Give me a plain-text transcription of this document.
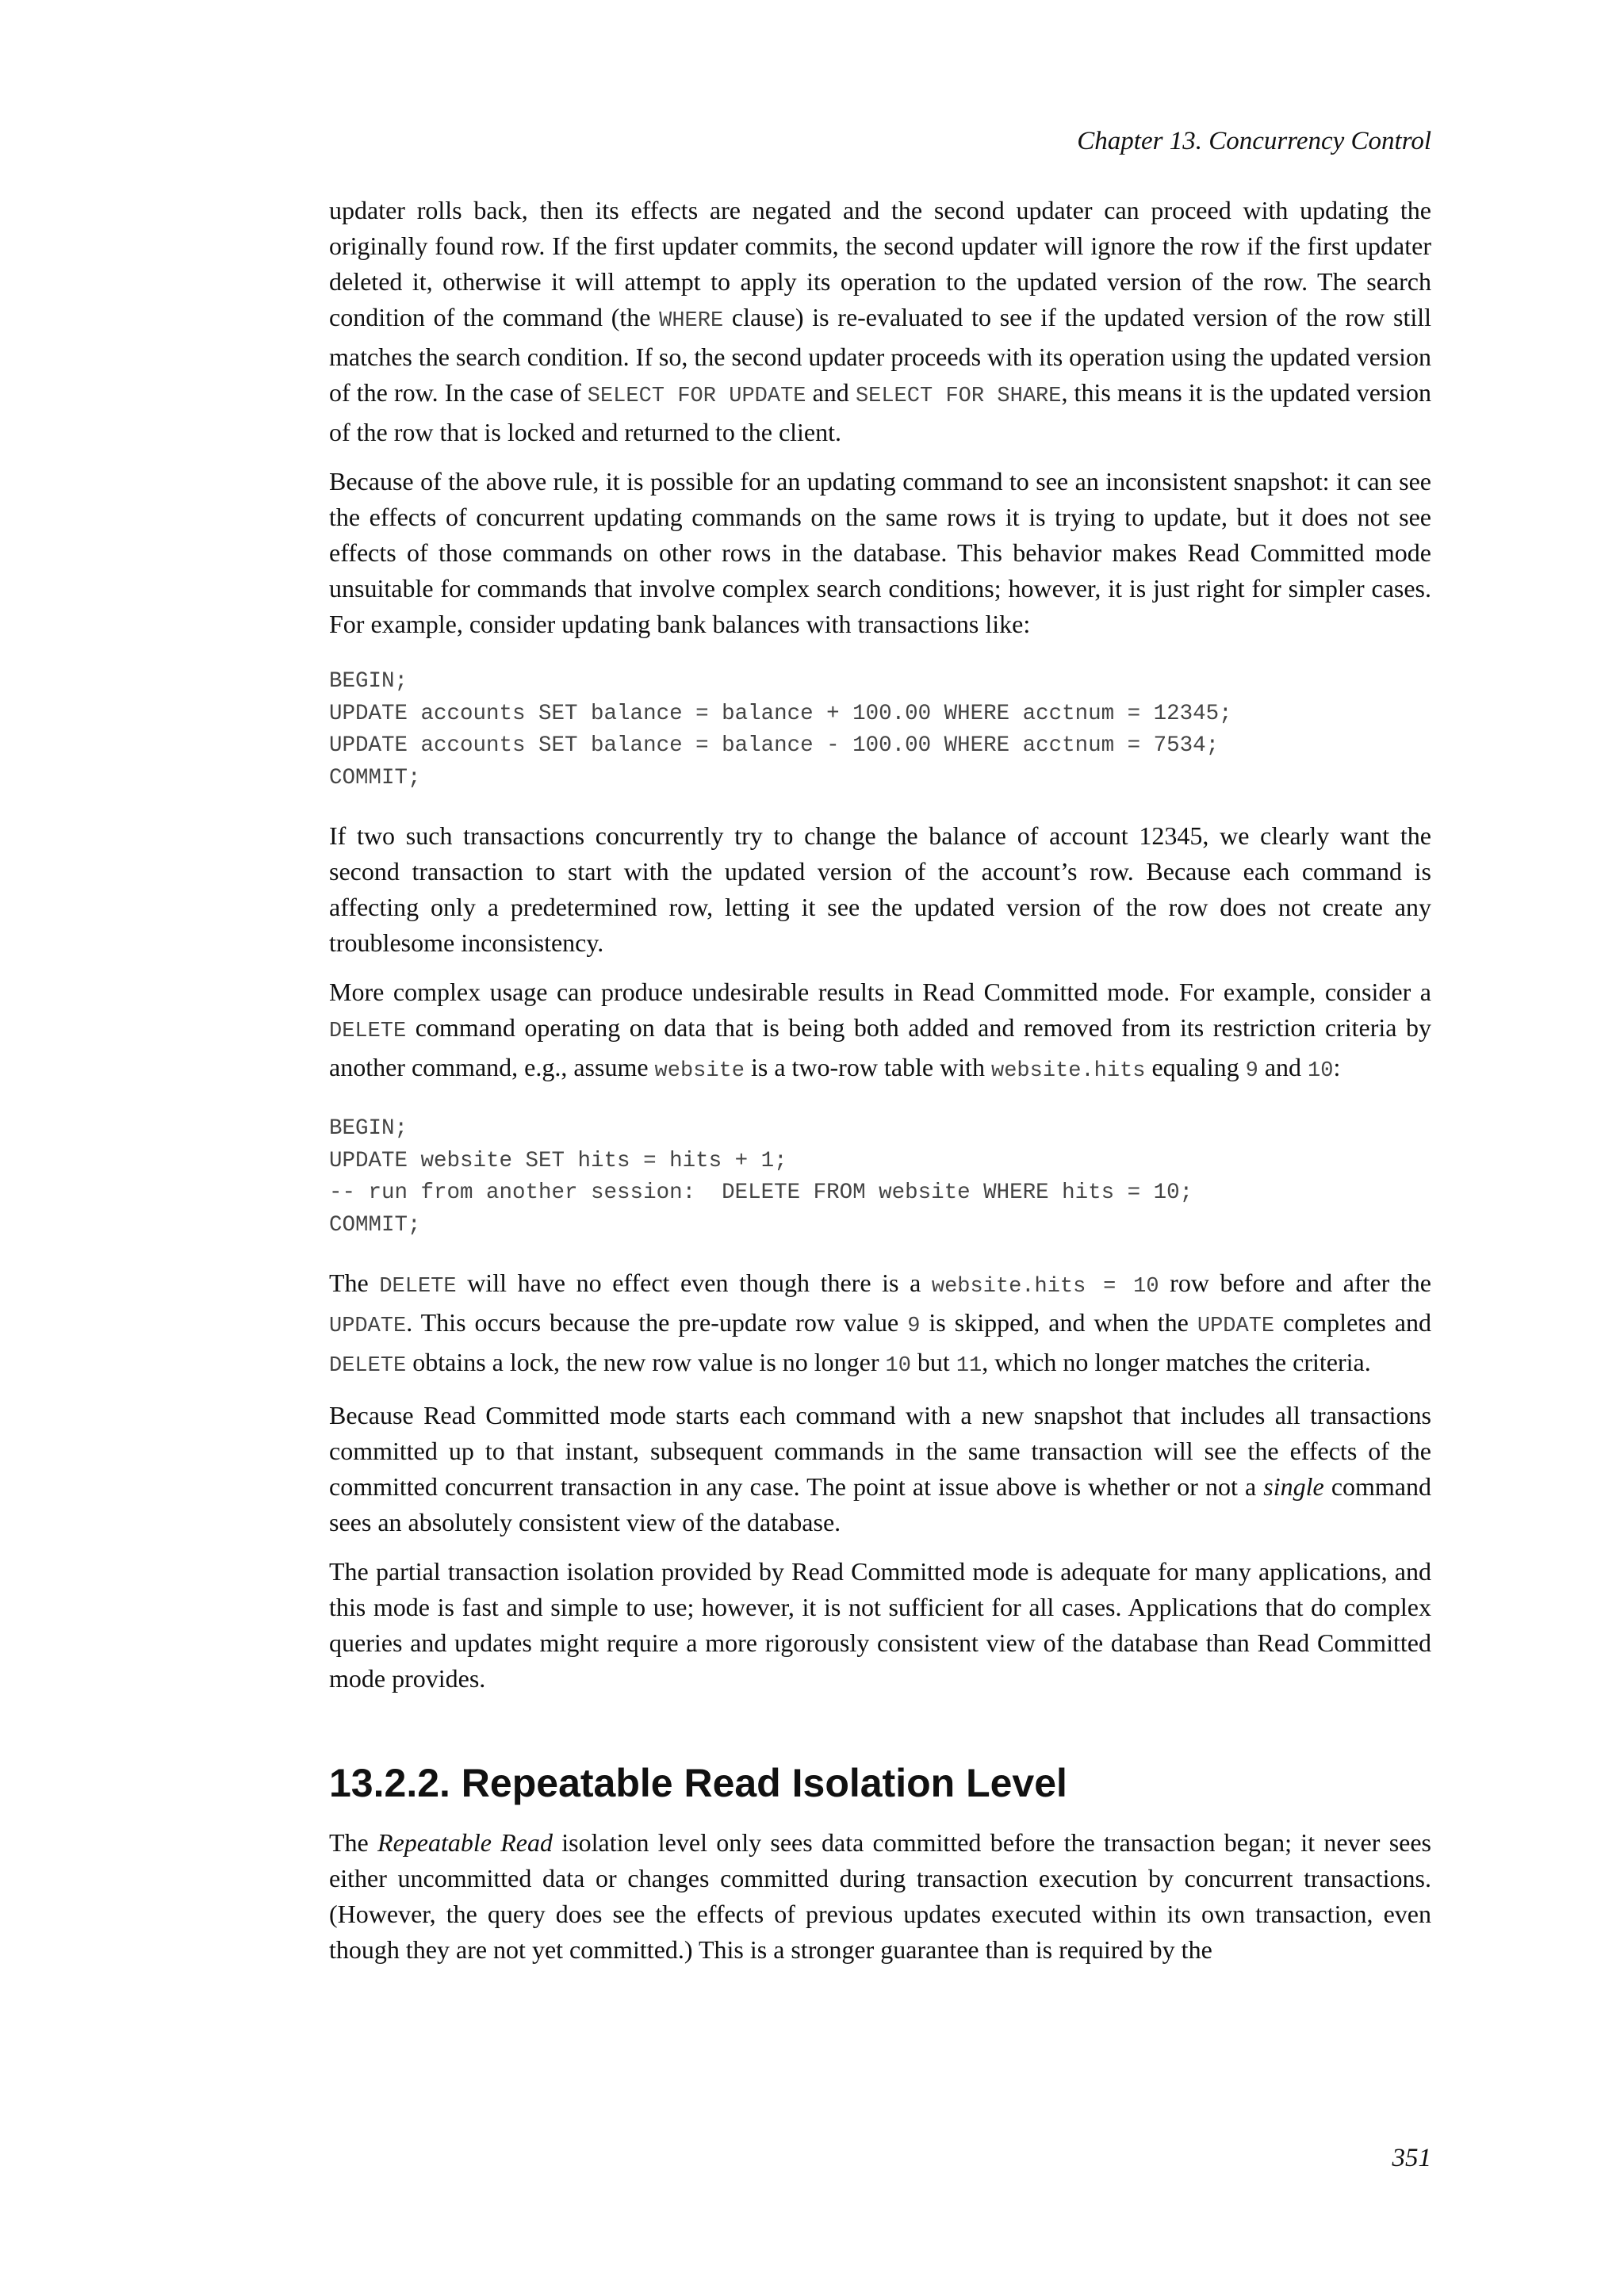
Chapter 13. Concurrency Control

updater rolls back, then its effects are negated and the second updater can proceed with updating the originally found row. If the first updater commits, the second updater will ignore the row if the first updater deleted it, otherwise it will attempt to apply its operation to the updated version of the row. The search condition of the command (the WHERE clause) is re-evaluated to see if the updated version of the row still matches the search condition. If so, the second updater proceeds with its operation using the updated version of the row. In the case of SELECT FOR UPDATE and SELECT FOR SHARE, this means it is the updated version of the row that is locked and returned to the client.

Because of the above rule, it is possible for an updating command to see an inconsistent snapshot: it can see the effects of concurrent updating commands on the same rows it is trying to update, but it does not see effects of those commands on other rows in the database. This behavior makes Read Committed mode unsuitable for commands that involve complex search conditions; however, it is just right for simpler cases. For example, consider updating bank balances with transactions like:

BEGIN;
UPDATE accounts SET balance = balance + 100.00 WHERE acctnum = 12345;
UPDATE accounts SET balance = balance - 100.00 WHERE acctnum = 7534;
COMMIT;

If two such transactions concurrently try to change the balance of account 12345, we clearly want the second transaction to start with the updated version of the account’s row. Because each command is affecting only a predetermined row, letting it see the updated version of the row does not create any troublesome inconsistency.

More complex usage can produce undesirable results in Read Committed mode. For example, consider a DELETE command operating on data that is being both added and removed from its restriction criteria by another command, e.g., assume website is a two-row table with website.hits equaling 9 and 10:

BEGIN;
UPDATE website SET hits = hits + 1;
-- run from another session:  DELETE FROM website WHERE hits = 10;
COMMIT;

The DELETE will have no effect even though there is a website.hits = 10 row before and after the UPDATE. This occurs because the pre-update row value 9 is skipped, and when the UPDATE completes and DELETE obtains a lock, the new row value is no longer 10 but 11, which no longer matches the criteria.

Because Read Committed mode starts each command with a new snapshot that includes all transactions committed up to that instant, subsequent commands in the same transaction will see the effects of the committed concurrent transaction in any case. The point at issue above is whether or not a single command sees an absolutely consistent view of the database.

The partial transaction isolation provided by Read Committed mode is adequate for many applications, and this mode is fast and simple to use; however, it is not sufficient for all cases. Applications that do complex queries and updates might require a more rigorously consistent view of the database than Read Committed mode provides.

13.2.2. Repeatable Read Isolation Level

The Repeatable Read isolation level only sees data committed before the transaction began; it never sees either uncommitted data or changes committed during transaction execution by concurrent transactions. (However, the query does see the effects of previous updates executed within its own transaction, even though they are not yet committed.) This is a stronger guarantee than is required by the

351
